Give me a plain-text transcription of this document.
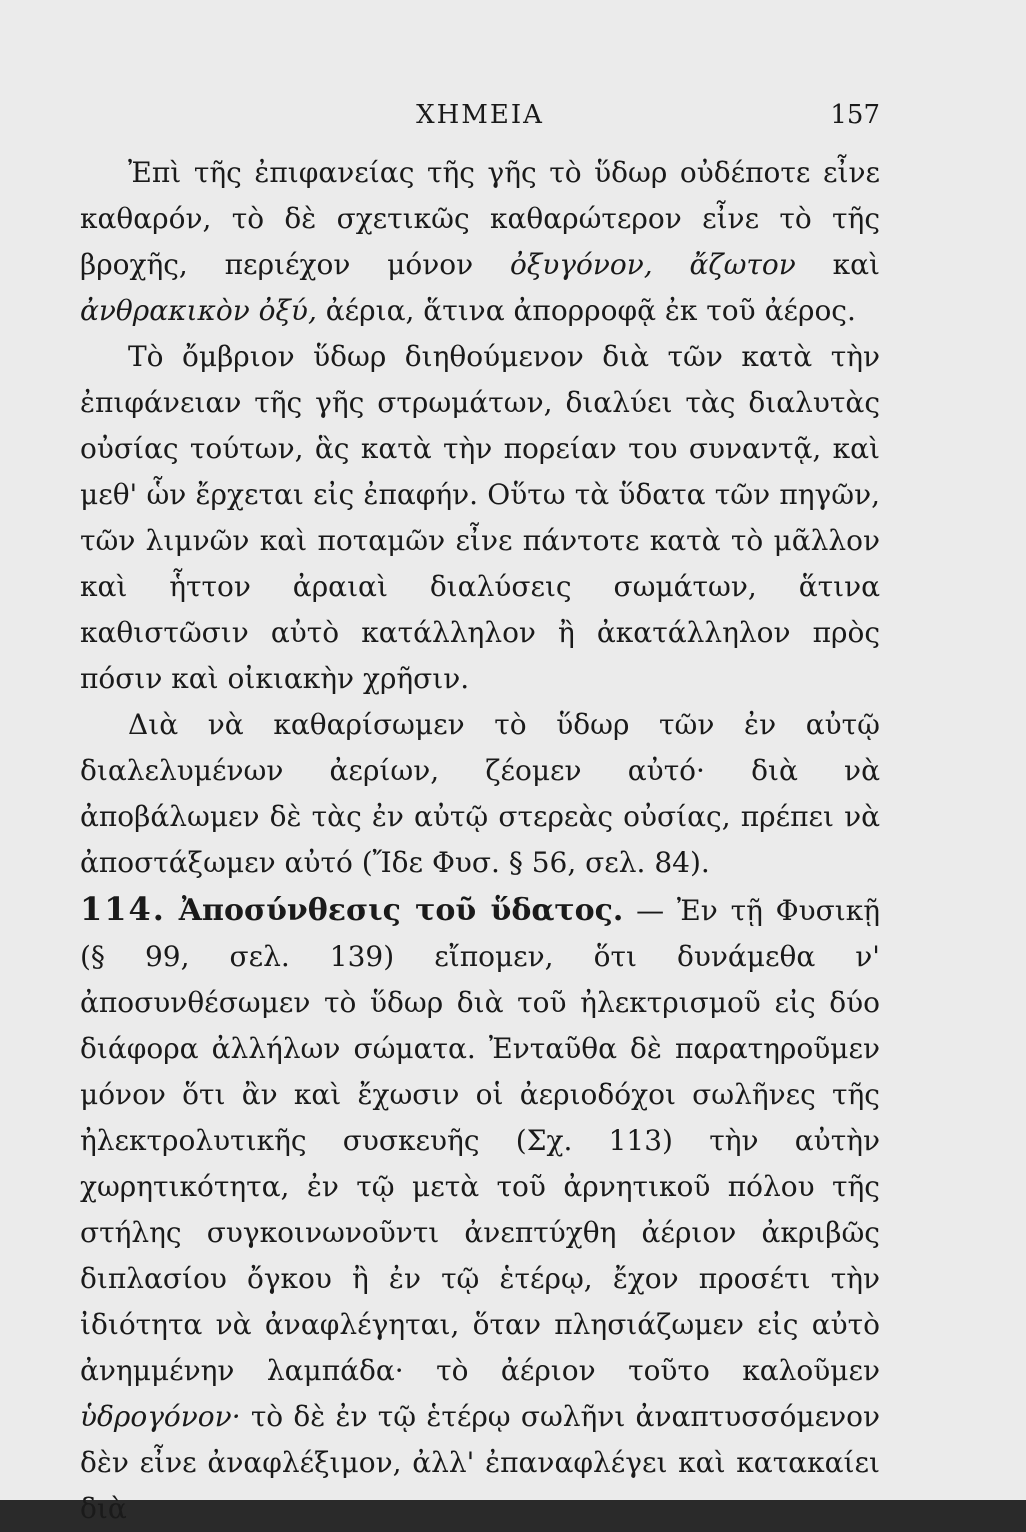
ΧΗΜΕΙΑ	157

Ἐπὶ τῆς ἐπιφανείας τῆς γῆς τὸ ὕδωρ οὐδέποτε εἶνε καθαρόν, τὸ δὲ σχετικῶς καθαρώτερον εἶνε τὸ τῆς βροχῆς, περιέχον μόνον ὀξυγόνον, ἄζωτον καὶ ἀνθρακικὸν ὀξύ, ἀέρια, ἅτινα ἀπορροφᾷ ἐκ τοῦ ἀέρος.

Τὸ ὄμβριον ὕδωρ διηθούμενον διὰ τῶν κατὰ τὴν ἐπιφάνειαν τῆς γῆς στρωμάτων, διαλύει τὰς διαλυτὰς οὐσίας τούτων, ἃς κατὰ τὴν πορείαν του συναντᾷ, καὶ μεθ' ὧν ἔρχεται εἰς ἐπαφήν. Οὕτω τὰ ὕδατα τῶν πηγῶν, τῶν λιμνῶν καὶ ποταμῶν εἶνε πάντοτε κατὰ τὸ μᾶλλον καὶ ἧττον ἀραιαὶ διαλύσεις σωμάτων, ἅτινα καθιστῶσιν αὐτὸ κατάλληλον ἢ ἀκατάλληλον πρὸς πόσιν καὶ οἰκιακὴν χρῆσιν.

Διὰ νὰ καθαρίσωμεν τὸ ὕδωρ τῶν ἐν αὐτῷ διαλελυμένων ἀερίων, ζέομεν αὐτό· διὰ νὰ ἀποβάλωμεν δὲ τὰς ἐν αὐτῷ στερεὰς οὐσίας, πρέπει νὰ ἀποστάξωμεν αὐτό (Ἴδε Φυσ. § 56, σελ. 84).

114. Ἀποσύνθεσις τοῦ ὕδατος. — Ἐν τῇ Φυσικῇ (§ 99, σελ. 139) εἴπομεν, ὅτι δυνάμεθα ν' ἀποσυνθέσωμεν τὸ ὕδωρ διὰ τοῦ ἠλεκτρισμοῦ εἰς δύο διάφορα ἀλλήλων σώματα. Ἐνταῦθα δὲ παρατηροῦμεν μόνον ὅτι ἂν καὶ ἔχωσιν οἱ ἀεριοδόχοι σωλῆνες τῆς ἠλεκτρολυτικῆς συσκευῆς (Σχ. 113) τὴν αὐτὴν χωρητικότητα, ἐν τῷ μετὰ τοῦ ἀρνητικοῦ πόλου τῆς στήλης συγκοινωνοῦντι ἀνεπτύχθη ἀέριον ἀκριβῶς διπλασίου ὄγκου ἢ ἐν τῷ ἑτέρῳ, ἔχον προσέτι τὴν ἰδιότητα νὰ ἀναφλέγηται, ὅταν πλησιάζωμεν εἰς αὐτὸ ἀνημμένην λαμπάδα· τὸ ἀέριον τοῦτο καλοῦμεν ὑδρογόνον· τὸ δὲ ἐν τῷ ἑτέρῳ σωλῆνι ἀναπτυσσόμενον δὲν εἶνε ἀναφλέξιμον, ἀλλ' ἐπαναφλέγει καὶ κατακαίει διὰ
